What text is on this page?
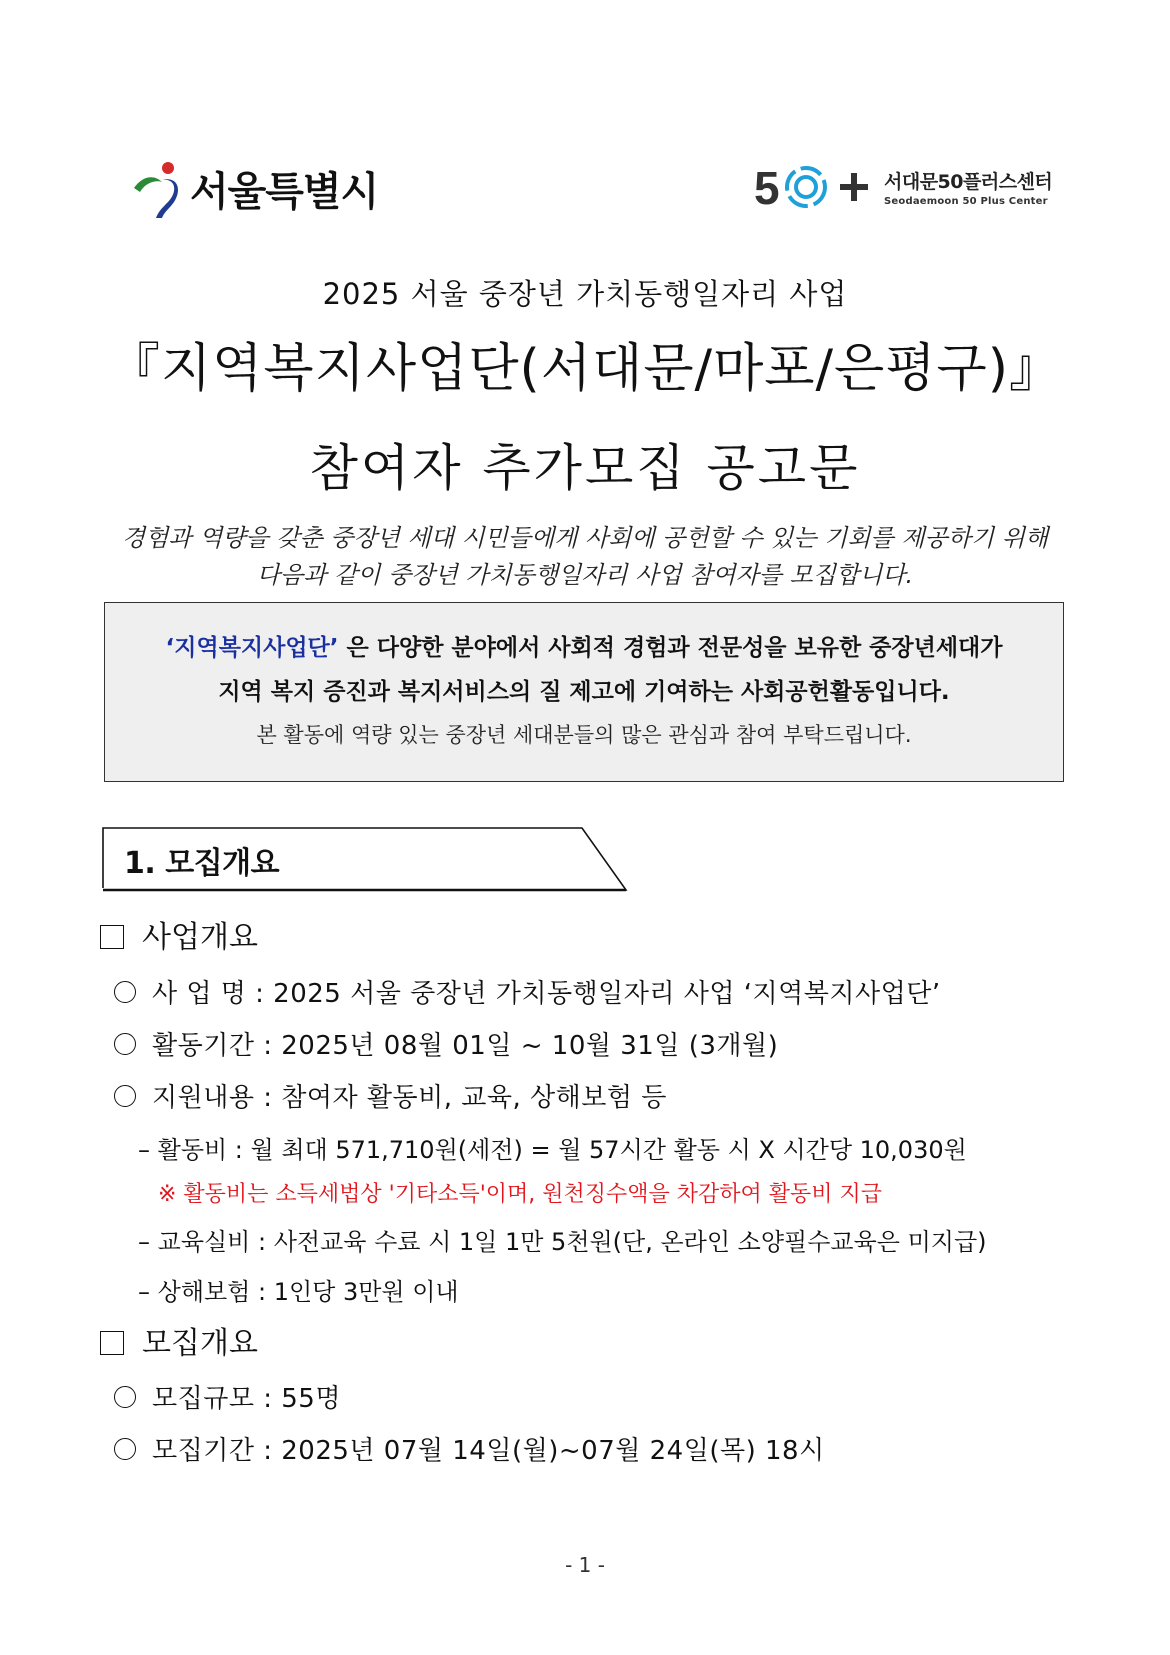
서울특별시	5	서대문50플러스센터
Seodaemoon 50 Plus Center
2025 서울 중장년 가치동행일자리 사업
『지역복지사업단(서대문/마포/은평구)』
참여자 추가모집 공고문
경험과 역량을 갖춘 중장년 세대 시민들에게 사회에 공헌할 수 있는 기회를 제공하기 위해
다음과 같이 중장년 가치동행일자리 사업 참여자를 모집합니다.
‘지역복지사업단’ 은 다양한 분야에서 사회적 경험과 전문성을 보유한 중장년세대가
지역 복지 증진과 복지서비스의 질 제고에 기여하는 사회공헌활동입니다.
본 활동에 역량 있는 중장년 세대분들의 많은 관심과 참여 부탁드립니다.
1. 모집개요
사업개요
사 업 명 : 2025 서울 중장년 가치동행일자리 사업 ‘지역복지사업단’
활동기간 : 2025년 08월 01일 ~ 10월 31일 (3개월)
지원내용 : 참여자 활동비, 교육, 상해보험 등
– 활동비 : 월 최대 571,710원(세전) = 월 57시간 활동 시 X 시간당 10,030원
※ 활동비는 소득세법상 '기타소득'이며, 원천징수액을 차감하여 활동비 지급
– 교육실비 : 사전교육 수료 시 1일 1만 5천원(단, 온라인 소양필수교육은 미지급)
– 상해보험 : 1인당 3만원 이내
모집개요
모집규모 : 55명
모집기간 : 2025년 07월 14일(월)~07월 24일(목) 18시
- 1 -
